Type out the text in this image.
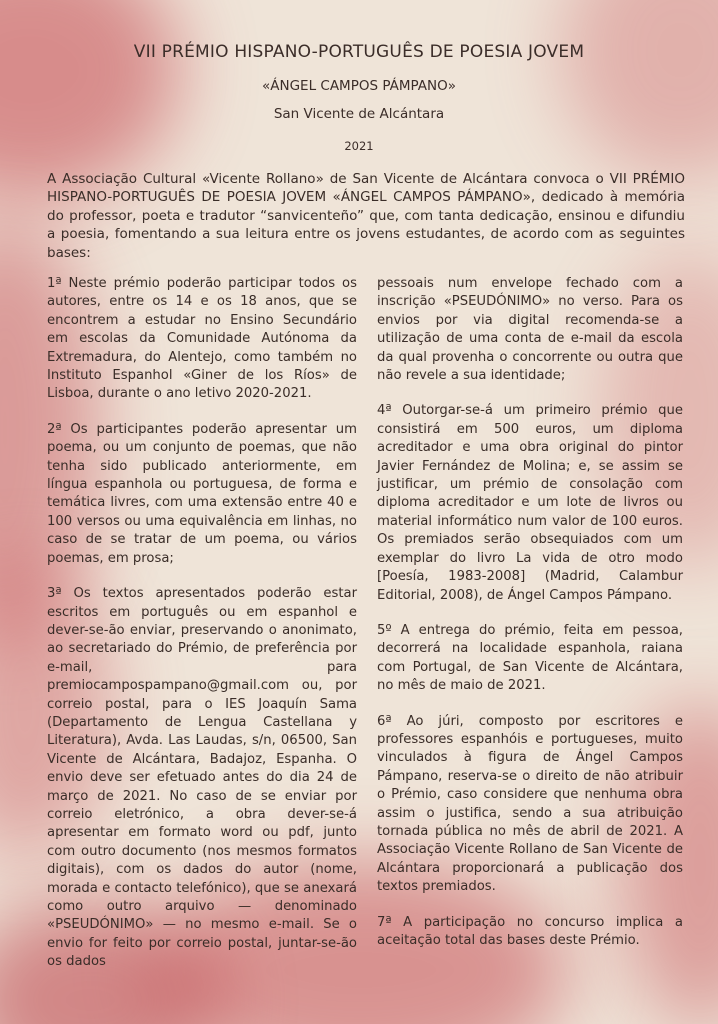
VII PRÉMIO HISPANO-PORTUGUÊS DE POESIA JOVEM
«ÁNGEL CAMPOS PÁMPANO»
San Vicente de Alcántara
2021

A Associação Cultural «Vicente Rollano» de San Vicente de Alcántara convoca o VII PRÉMIO HISPANO-PORTUGUÊS DE POESIA JOVEM «ÁNGEL CAMPOS PÁMPANO», dedicado à memória do professor, poeta e tradutor “sanvicenteño” que, com tanta dedicação, ensinou e difundiu a poesia, fomentando a sua leitura entre os jovens estudantes, de acordo com as seguintes bases:

1ª Neste prémio poderão participar todos os autores, entre os 14 e os 18 anos, que se encontrem a estudar no Ensino Secundário em escolas da Comunidade Autónoma da Extremadura, do Alentejo, como também no Instituto Espanhol «Giner de los Ríos» de Lisboa, durante o ano letivo 2020-2021.

2ª Os participantes poderão apresentar um poema, ou um conjunto de poemas, que não tenha sido publicado anteriormente, em língua espanhola ou portuguesa, de forma e temática livres, com uma extensão entre 40 e 100 versos ou uma equivalência em linhas, no caso de se tratar de um poema, ou vários poemas, em prosa;

3ª Os textos apresentados poderão estar escritos em português ou em espanhol e dever-se-ão enviar, preservando o anonimato, ao secretariado do Prémio, de preferência por e-mail, para premiocampospampano@gmail.com ou, por correio postal, para o IES Joaquín Sama (Departamento de Lengua Castellana y Literatura), Avda. Las Laudas, s/n, 06500, San Vicente de Alcántara, Badajoz, Espanha. O envio deve ser efetuado antes do dia 24 de março de 2021. No caso de se enviar por correio eletrónico, a obra dever-se-á apresentar em formato word ou pdf, junto com outro documento (nos mesmos formatos digitais), com os dados do autor (nome, morada e contacto telefónico), que se anexará como outro arquivo — denominado «PSEUDÓNIMO» — no mesmo e-mail. Se o envio for feito por correio postal, juntar-se-ão os dados

pessoais num envelope fechado com a inscrição «PSEUDÓNIMO» no verso. Para os envios por via digital recomenda-se a utilização de uma conta de e-mail da escola da qual provenha o concorrente ou outra que não revele a sua identidade;

4ª Outorgar-se-á um primeiro prémio que consistirá em 500 euros, um diploma acreditador e uma obra original do pintor Javier Fernández de Molina; e, se assim se justificar, um prémio de consolação com diploma acreditador e um lote de livros ou material informático num valor de 100 euros. Os premiados serão obsequiados com um exemplar do livro La vida de otro modo [Poesía, 1983-2008] (Madrid, Calambur Editorial, 2008), de Ángel Campos Pámpano.

5º A entrega do prémio, feita em pessoa, decorrerá na localidade espanhola, raiana com Portugal, de San Vicente de Alcántara, no mês de maio de 2021.

6ª Ao júri, composto por escritores e professores espanhóis e portugueses, muito vinculados à figura de Ángel Campos Pámpano, reserva-se o direito de não atribuir o Prémio, caso considere que nenhuma obra assim o justifica, sendo a sua atribuição tornada pública no mês de abril de 2021. A Associação Vicente Rollano de San Vicente de Alcántara proporcionará a publicação dos textos premiados.

7ª A participação no concurso implica a aceitação total das bases deste Prémio.
